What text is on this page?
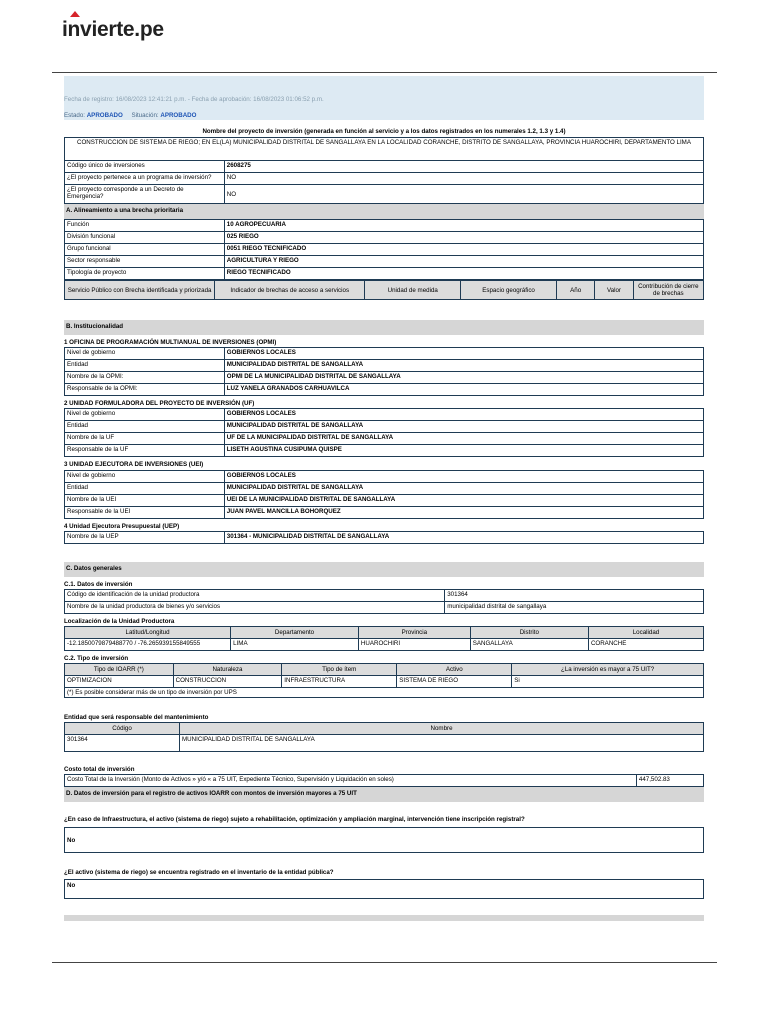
invierte.pe
Fecha de registro: 16/08/2023 12:41:21 p.m. - Fecha de aprobación: 16/08/2023 01:06:52 p.m.
Estado: APROBADO Situación: APROBADO
Nombre del proyecto de inversión (generada en función al servicio y a los datos registrados en los numerales 1.2, 1.3 y 1.4)
CONSTRUCCION DE SISTEMA DE RIEGO; EN EL(LA) MUNICIPALIDAD DISTRITAL DE SANGALLAYA EN LA LOCALIDAD CORANCHE, DISTRITO DE SANGALLAYA, PROVINCIA HUAROCHIRI, DEPARTAMENTO LIMA	
Código único de inversiones	2608275
¿El proyecto pertenece a un programa de inversión?	NO
¿El proyecto corresponde a un Decreto de Emergencia?	NO
A. Alineamiento a una brecha prioritaria
Función	10 AGROPECUARIA
División funcional	025 RIEGO
Grupo funcional	0051 RIEGO TECNIFICADO
Sector responsable	AGRICULTURA Y RIEGO
Tipología de proyecto	RIEGO TECNIFICADO
Servicio Público con Brecha identificada y priorizada	Indicador de brechas de acceso a servicios	Unidad de medida	Espacio geográfico	Año	Valor	Contribución de cierre de brechas
B. Institucionalidad
1 OFICINA DE PROGRAMACIÓN MULTIANUAL DE INVERSIONES (OPMI)
Nivel de gobierno	GOBIERNOS LOCALES
Entidad	MUNICIPALIDAD DISTRITAL DE SANGALLAYA
Nombre de la OPMI:	OPMI DE LA MUNICIPALIDAD DISTRITAL DE SANGALLAYA
Responsable de la OPMI:	LUZ YANELA GRANADOS CARHUAVILCA
2 UNIDAD FORMULADORA DEL PROYECTO DE INVERSIÓN (UF)
Nivel de gobierno	GOBIERNOS LOCALES
Entidad	MUNICIPALIDAD DISTRITAL DE SANGALLAYA
Nombre de la UF	UF DE LA MUNICIPALIDAD DISTRITAL DE SANGALLAYA
Responsable de la UF	LISETH AGUSTINA CUSIPUMA QUISPE
3 UNIDAD EJECUTORA DE INVERSIONES (UEI)
Nivel de gobierno	GOBIERNOS LOCALES
Entidad	MUNICIPALIDAD DISTRITAL DE SANGALLAYA
Nombre de la UEI	UEI DE LA MUNICIPALIDAD DISTRITAL DE SANGALLAYA
Responsable de la UEI	JUAN PAVEL MANCILLA BOHORQUEZ
4 Unidad Ejecutora Presupuestal (UEP)
Nombre de la UEP	301364 - MUNICIPALIDAD DISTRITAL DE SANGALLAYA
C. Datos generales
C.1. Datos de inversión
Código de identificación de la unidad productora	301364
Nombre de la unidad productora de bienes y/o servicios	municipalidad distrital de sangallaya
Localización de la Unidad Productora
Latitud/Longitud	Departamento	Provincia	Distrito	Localidad
-12.1850079879488770 / -76.265939155849555	LIMA	HUAROCHIRI	SANGALLAYA	CORANCHE
C.2. Tipo de inversión
Tipo de IOARR (*)	Naturaleza	Tipo de ítem	Activo	¿La inversión es mayor a 75 UIT?
OPTIMIZACION	CONSTRUCCION	INFRAESTRUCTURA	SISTEMA DE RIEGO	Si
(*) Es posible considerar más de un tipo de inversión por UPS
Entidad que será responsable del mantenimiento
Código	Nombre
301364	MUNICIPALIDAD DISTRITAL DE SANGALLAYA
Costo total de inversión
Costo Total de la Inversión (Monto de Activos » y/ó « a 75 UIT, Expediente Técnico, Supervisión y Liquidación en soles)	447,502.83
D. Datos de inversión para el registro de activos IOARR con montos de inversión mayores a 75 UIT
¿En caso de Infraestructura, el activo (sistema de riego) sujeto a rehabilitación, optimización y ampliación marginal, intervención tiene inscripción registral?
No
¿El activo (sistema de riego) se encuentra registrado en el inventario de la entidad pública?
No
